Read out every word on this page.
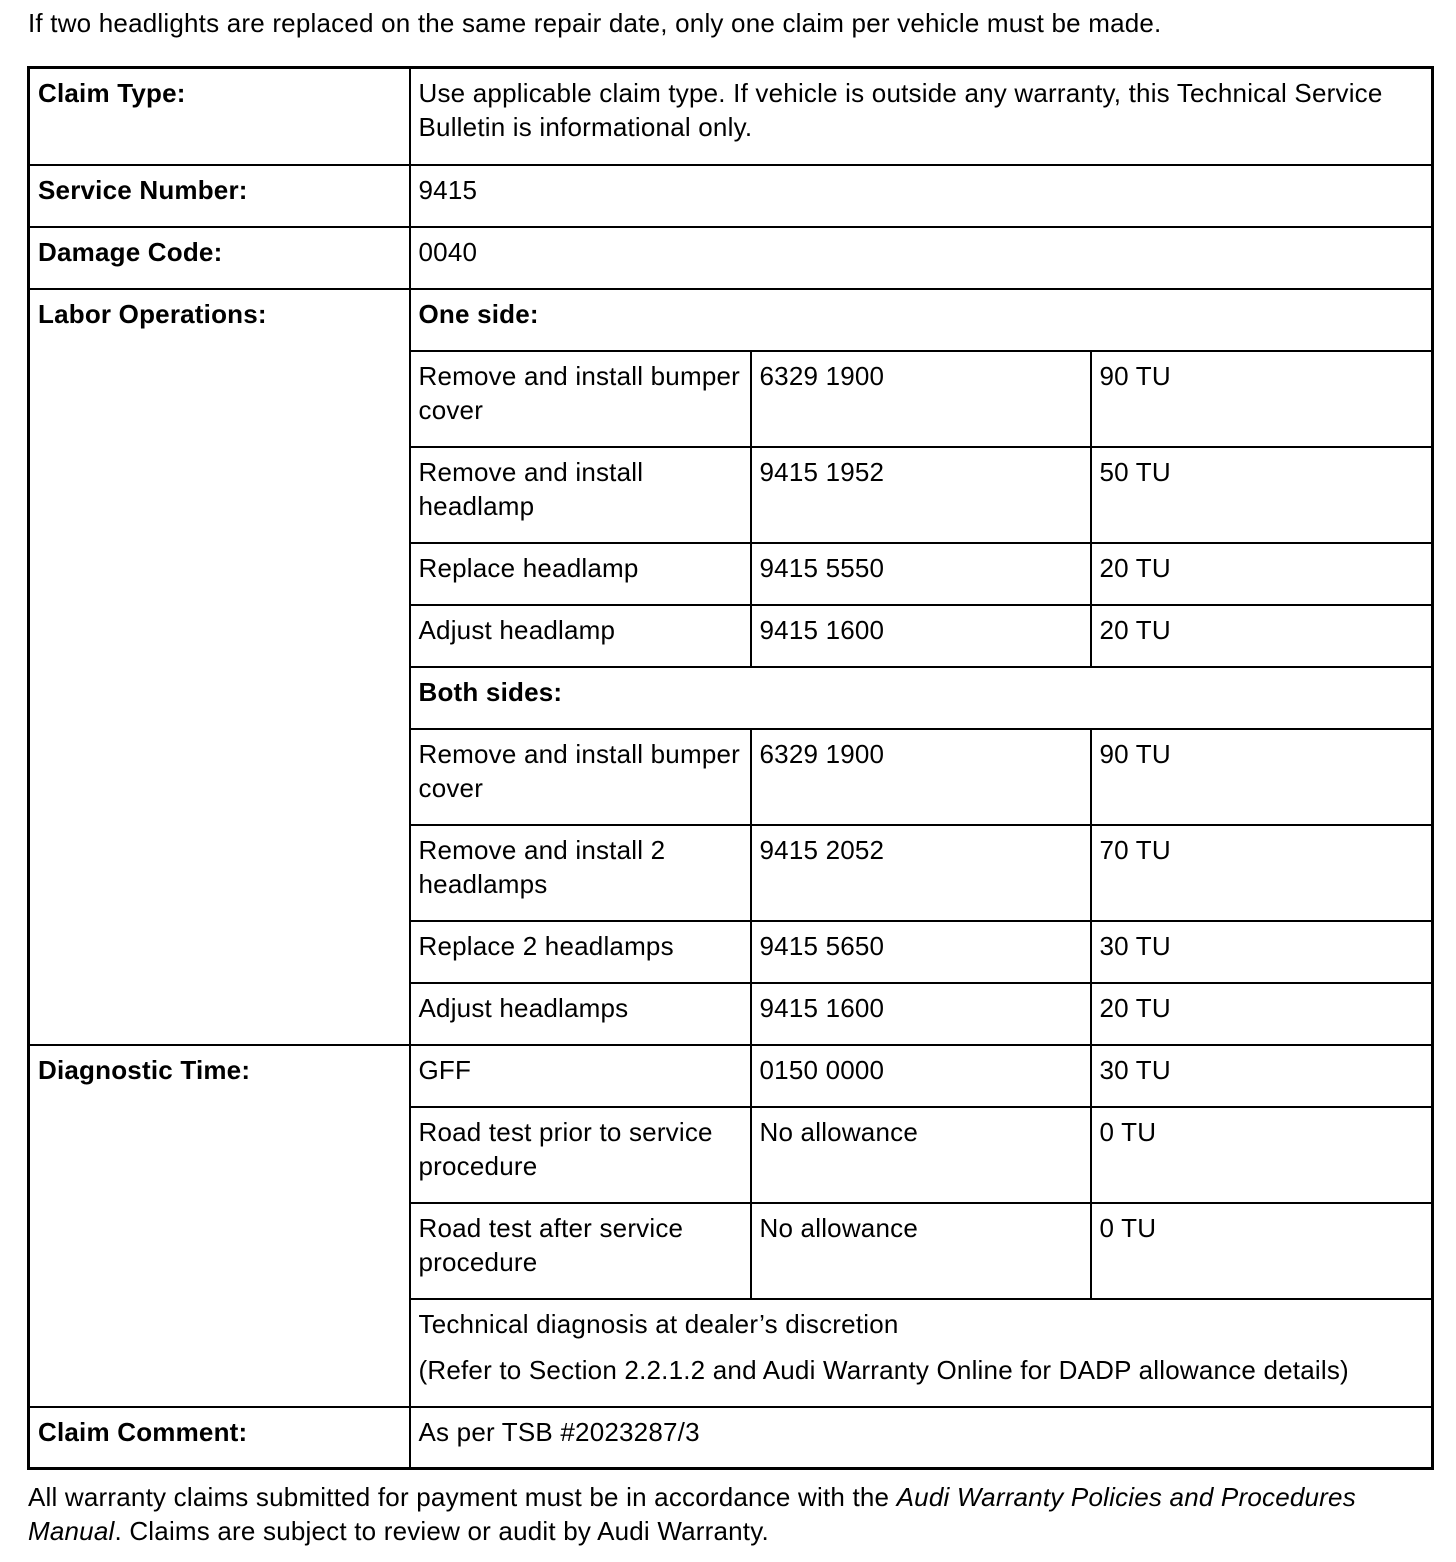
If two headlights are replaced on the same repair date, only one claim per vehicle must be made.

Claim Type:	Use applicable claim type. If vehicle is outside any warranty, this Technical Service Bulletin is informational only.		
Service Number:	9415		
Damage Code:	0040		
Labor Operations:	One side:		
	Remove and install bumper cover	6329 1900	90 TU
	Remove and install headlamp	9415 1952	50 TU
	Replace headlamp	9415 5550	20 TU
	Adjust headlamp	9415 1600	20 TU
	Both sides:		
	Remove and install bumper cover	6329 1900	90 TU
	Remove and install 2 headlamps	9415 2052	70 TU
	Replace 2 headlamps	9415 5650	30 TU
	Adjust headlamps	9415 1600	20 TU
Diagnostic Time:	GFF	0150 0000	30 TU
	Road test prior to service procedure	No allowance	0 TU
	Road test after service procedure	No allowance	0 TU

	Technical diagnosis at dealer’s discretion

(Refer to Section 2.2.1.2 and Audi Warranty Online for DADP allowance details)		

Claim Comment:	As per TSB #2023287/3		

All warranty claims submitted for payment must be in accordance with the Audi Warranty Policies and Procedures Manual. Claims are subject to review or audit by Audi Warranty.
